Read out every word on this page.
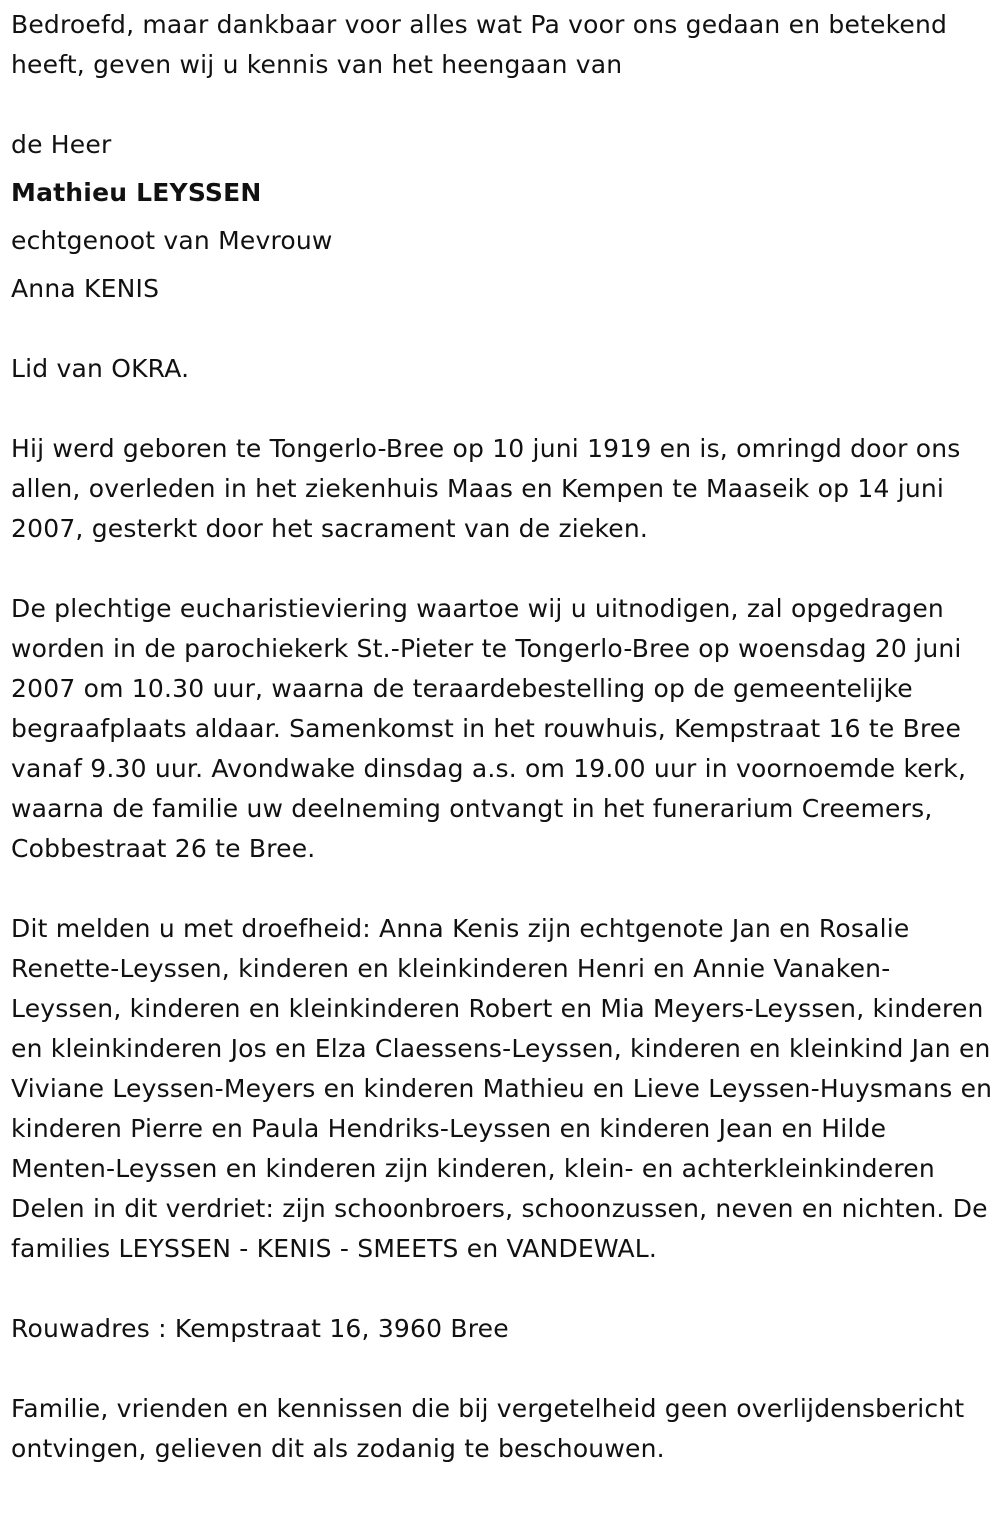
Bedroefd, maar dankbaar voor alles wat Pa voor ons gedaan en betekend heeft, geven wij u kennis van het heengaan van

de Heer

Mathieu LEYSSEN

echtgenoot van Mevrouw

Anna KENIS

Lid van OKRA.

Hij werd geboren te Tongerlo-Bree op 10 juni 1919 en is, omringd door ons allen, overleden in het ziekenhuis Maas en Kempen te Maaseik op 14 juni 2007, gesterkt door het sacrament van de zieken.

De plechtige eucharistieviering waartoe wij u uitnodigen, zal opgedragen worden in de parochiekerk St.-Pieter te Tongerlo-Bree op woensdag 20 juni 2007 om 10.30 uur, waarna de teraardebestelling op de gemeentelijke begraafplaats aldaar. Samenkomst in het rouwhuis, Kempstraat 16 te Bree vanaf 9.30 uur. Avondwake dinsdag a.s. om 19.00 uur in voornoemde kerk, waarna de familie uw deelneming ontvangt in het funerarium Creemers, Cobbestraat 26 te Bree.

Dit melden u met droefheid: Anna Kenis zijn echtgenote Jan en Rosalie Renette-Leyssen, kinderen en kleinkinderen Henri en Annie Vanaken-Leyssen, kinderen en kleinkinderen Robert en Mia Meyers-Leyssen, kinderen en kleinkinderen Jos en Elza Claessens-Leyssen, kinderen en kleinkind Jan en Viviane Leyssen-Meyers en kinderen Mathieu en Lieve Leyssen-Huysmans en kinderen Pierre en Paula Hendriks-Leyssen en kinderen Jean en Hilde Menten-Leyssen en kinderen zijn kinderen, klein- en achterkleinkinderen Delen in dit verdriet: zijn schoonbroers, schoonzussen, neven en nichten. De families LEYSSEN - KENIS - SMEETS en VANDEWAL.

Rouwadres : Kempstraat 16, 3960 Bree

Familie, vrienden en kennissen die bij vergetelheid geen overlijdensbericht ontvingen, gelieven dit als zodanig te beschouwen.
